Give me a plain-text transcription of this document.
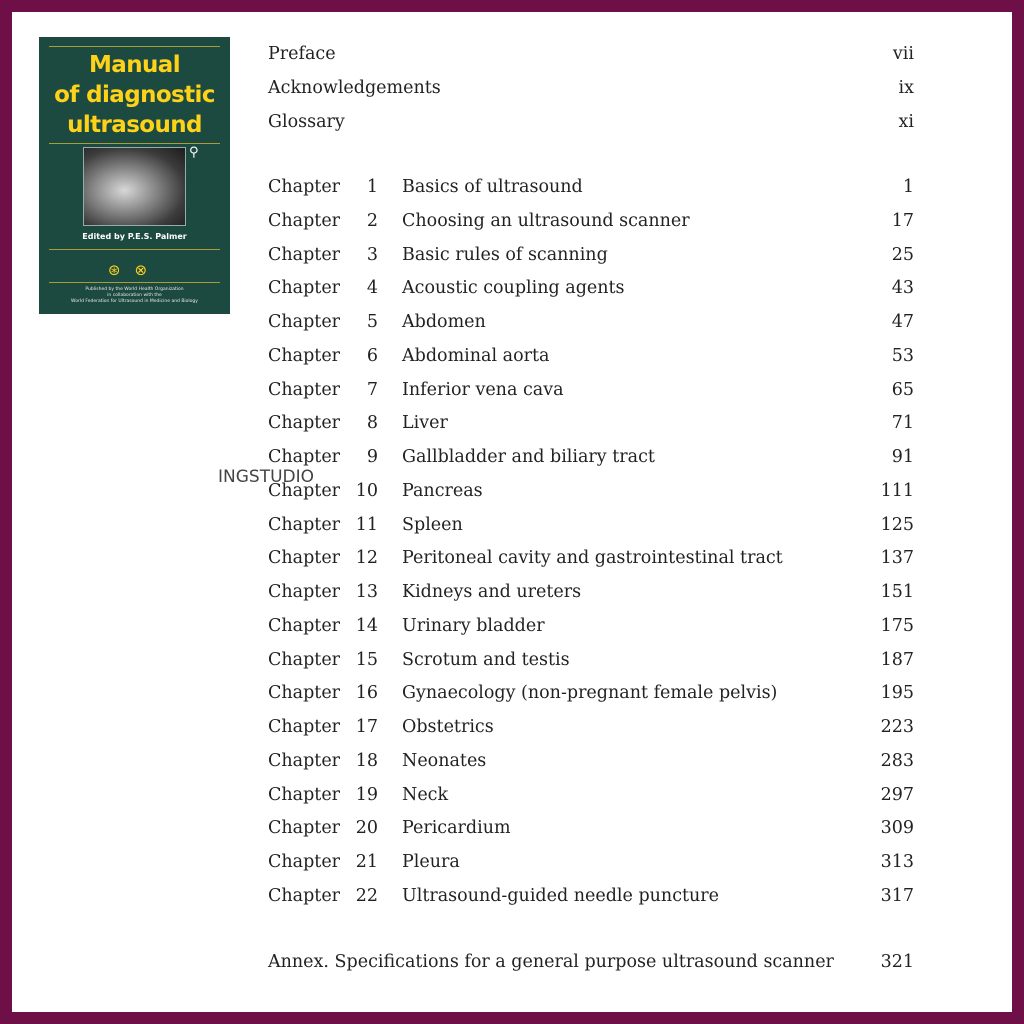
Manual
of diagnostic
ultrasound
⚲
Edited by P.E.S. Palmer
⊛⊗
Published by the World Health Organization
in collaboration with the
World Federation for Ultrasound in Medicine and Biology
INGSTUDIO
Preface	vii
Acknowledgements	ix
Glossary	xi
Chapter	1 Basics of ultrasound	1
Chapter	2 Choosing an ultrasound scanner	17
Chapter	3 Basic rules of scanning	25
Chapter	4 Acoustic coupling agents	43
Chapter	5 Abdomen	47
Chapter	6 Abdominal aorta	53
Chapter	7 Inferior vena cava	65
Chapter	8 Liver	71
Chapter	9 Gallbladder and biliary tract	91
Chapter 10 Pancreas	111
Chapter 11 Spleen	125
Chapter 12 Peritoneal cavity and gastrointestinal tract	137
Chapter 13 Kidneys and ureters	151
Chapter 14 Urinary bladder	175
Chapter 15 Scrotum and testis	187
Chapter 16 Gynaecology (non-pregnant female pelvis)	195
Chapter 17 Obstetrics	223
Chapter 18 Neonates	283
Chapter 19 Neck	297
Chapter 20 Pericardium	309
Chapter 21 Pleura	313
Chapter 22 Ultrasound-guided needle puncture	317
Annex. Specifications for a general purpose ultrasound scanner	321
